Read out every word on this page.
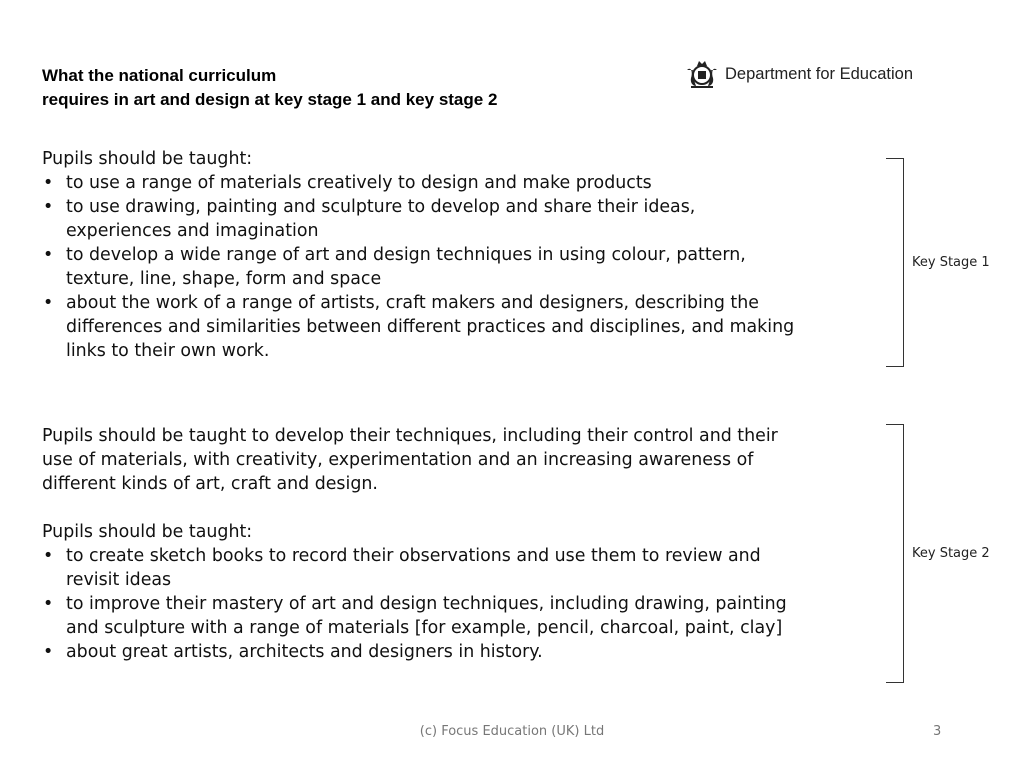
What the national curriculum
requires in art and design at key stage 1 and key stage 2
Department for Education

Pupils should be taught:

• to use a range of materials creatively to design and make products
• to use drawing, painting and sculpture to develop and share their ideas,
experiences and imagination
• to develop a wide range of art and design techniques in using colour, pattern,
texture, line, shape, form and space
• about the work of a range of artists, craft makers and designers, describing the
differences and similarities between different practices and disciplines, and making
links to their own work.

Pupils should be taught to develop their techniques, including their control and their

use of materials, with creativity, experimentation and an increasing awareness of

different kinds of art, craft and design.

Pupils should be taught:

• to create sketch books to record their observations and use them to review and
revisit ideas
• to improve their mastery of art and design techniques, including drawing, painting
and sculpture with a range of materials [for example, pencil, charcoal, paint, clay]
• about great artists, architects and designers in history.
Key Stage 1
Key Stage 2
(c) Focus Education (UK) Ltd	3
